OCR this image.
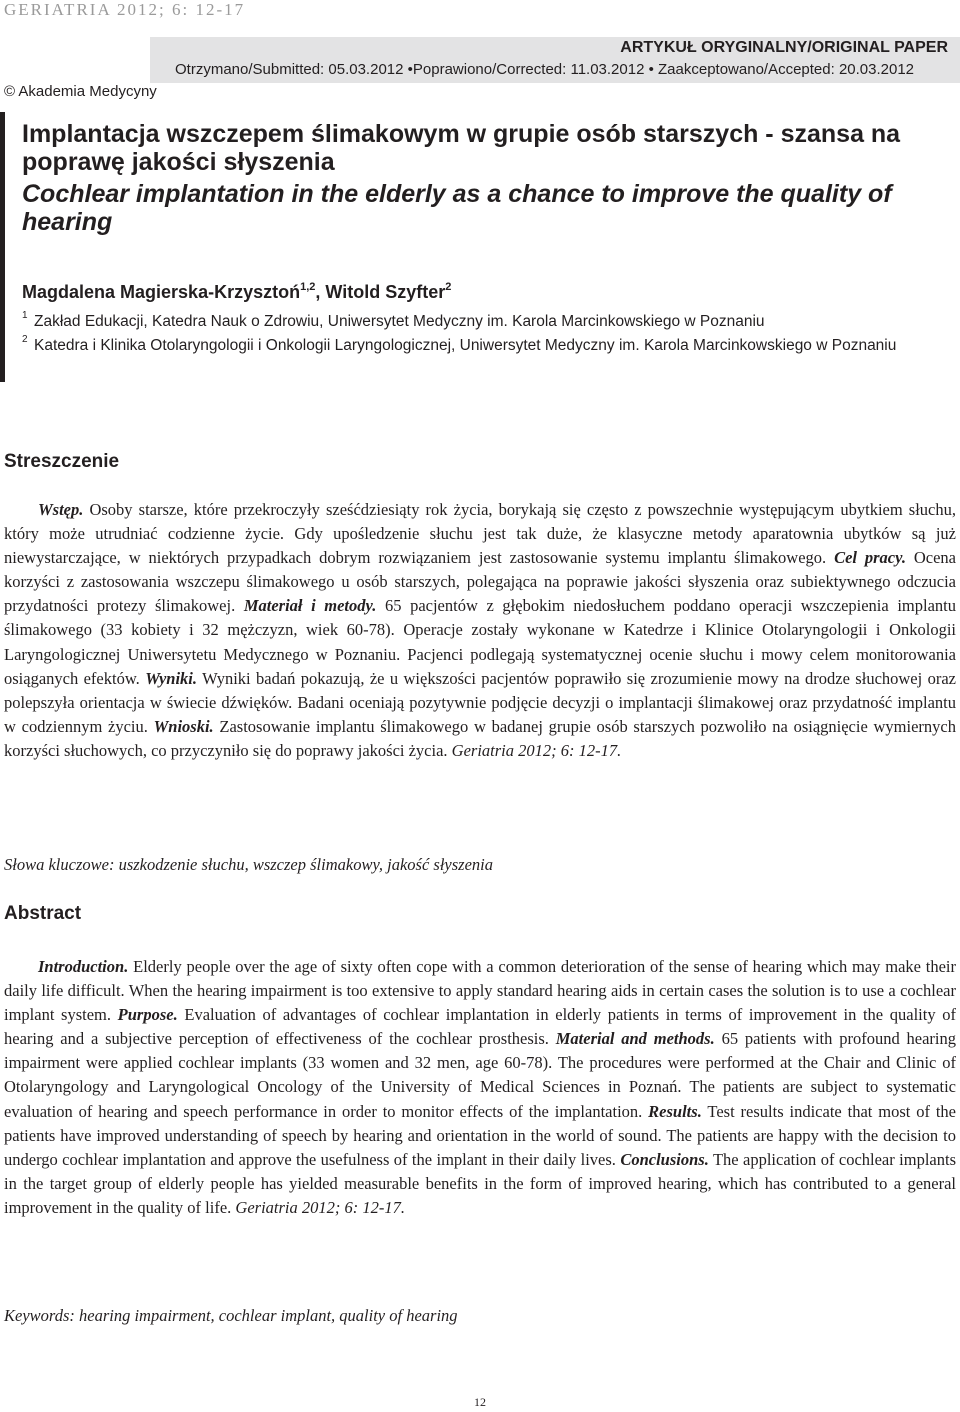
GERIATRIA 2012; 6: 12-17
ARTYKUŁ ORYGINALNY/ORIGINAL PAPER
Otrzymano/Submitted: 05.03.2012 •Poprawiono/Corrected: 11.03.2012 • Zaakceptowano/Accepted: 20.03.2012
© Akademia Medycyny
Implantacja wszczepem ślimakowym w grupie osób starszych - szansa na poprawę jakości słyszenia
Cochlear implantation in the elderly as a chance to improve the quality of hearing
Magdalena Magierska-Krzysztoń$^{1,2}$, Witold Szyfter$^2$
1 Zakład Edukacji, Katedra Nauk o Zdrowiu, Uniwersytet Medyczny im. Karola Marcinkowskiego w Poznaniu
2 Katedra i Klinika Otolaryngologii i Onkologii Laryngologicznej, Uniwersytet Medyczny im. Karola Marcinkowskiego w Poznaniu
Streszczenie

Wstęp. Osoby starsze, które przekroczyły sześćdziesiąty rok życia, borykają się często z powszechnie występującym ubytkiem słuchu, który może utrudniać codzienne życie. Gdy upośledzenie słuchu jest tak duże, że klasyczne metody aparatownia ubytków są już niewystarczające, w niektórych przypadkach dobrym rozwiązaniem jest zastosowanie systemu implantu ślimakowego. Cel pracy. Ocena korzyści z zastosowania wszczepu ślimakowego u osób starszych, polegająca na poprawie jakości słyszenia oraz subiektywnego odczucia przydatności protezy ślimakowej. Materiał i metody. 65 pacjentów z głębokim niedosłuchem poddano operacji wszczepienia implantu ślimakowego (33 kobiety i 32 mężczyzn, wiek 60-78). Operacje zostały wykonane w Katedrze i Klinice Otolaryngologii i Onkologii Laryngologicznej Uniwersytetu Medycznego w Poznaniu. Pacjenci podlegają systematycznej ocenie słuchu i mowy celem monitorowania osiąganych efektów. Wyniki. Wyniki badań pokazują, że u większości pacjentów poprawiło się zrozumienie mowy na drodze słuchowej oraz polepszyła orientacja w świecie dźwięków. Badani oceniają pozytywnie podjęcie decyzji o implantacji ślimakowej oraz przydatność implantu w codziennym życiu. Wnioski. Zastosowanie implantu ślimakowego w badanej grupie osób starszych pozwoliło na osiągnięcie wymiernych korzyści słuchowych, co przyczyniło się do poprawy jakości życia. Geriatria 2012; 6: 12-17.

Słowa kluczowe: uszkodzenie słuchu, wszczep ślimakowy, jakość słyszenia
Abstract

Introduction. Elderly people over the age of sixty often cope with a common deterioration of the sense of hearing which may make their daily life difficult. When the hearing impairment is too extensive to apply standard hearing aids in certain cases the solution is to use a cochlear implant system. Purpose. Evaluation of advantages of cochlear implantation in elderly patients in terms of improvement in the quality of hearing and a subjective perception of effectiveness of the cochlear prosthesis. Material and methods. 65 patients with profound hearing impairment were applied cochlear implants (33 women and 32 men, age 60-78). The procedures were performed at the Chair and Clinic of Otolaryngology and Laryngological Oncology of the University of Medical Sciences in Poznań. The patients are subject to systematic evaluation of hearing and speech performance in order to monitor effects of the implantation. Results. Test results indicate that most of the patients have improved understanding of speech by hearing and orientation in the world of sound. The patients are happy with the decision to undergo cochlear implantation and approve the usefulness of the implant in their daily lives. Conclusions. The application of cochlear implants in the target group of elderly people has yielded measurable benefits in the form of improved hearing, which has contributed to a general improvement in the quality of life. Geriatria 2012; 6: 12-17.

Keywords: hearing impairment, cochlear implant, quality of hearing
12
